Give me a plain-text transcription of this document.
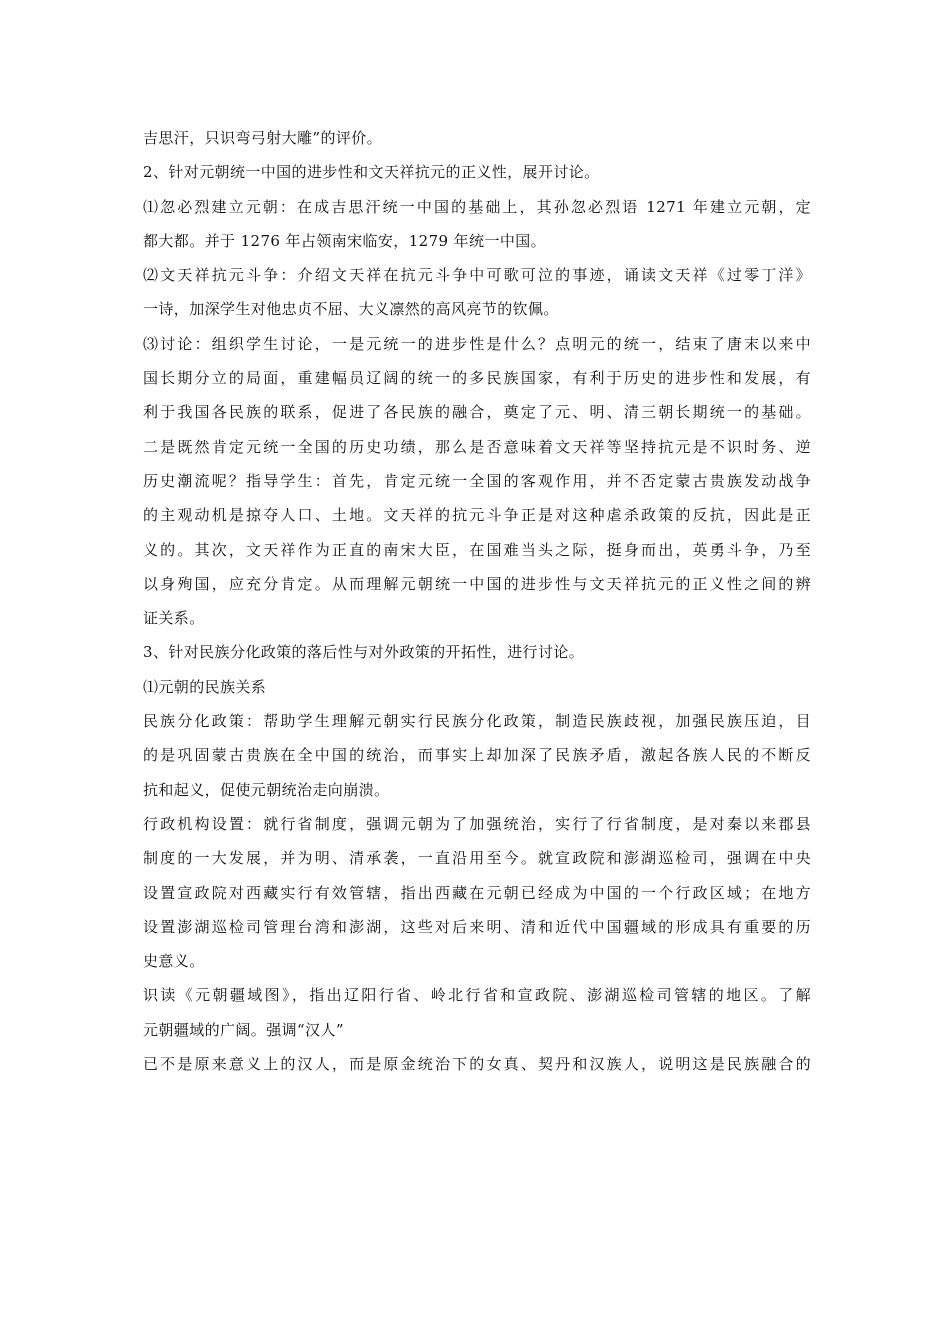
吉思汗，只识弯弓射大雕”的评价。
2、针对元朝统一中国的进步性和文天祥抗元的正义性，展开讨论。
⑴忽必烈建立元朝：在成吉思汗统一中国的基础上，其孙忽必烈语 1271 年建立元朝，定
都大都。并于 1276 年占领南宋临安，1279 年统一中国。
⑵文天祥抗元斗争：介绍文天祥在抗元斗争中可歌可泣的事迹，诵读文天祥《过零丁洋》
一诗，加深学生对他忠贞不屈、大义凛然的高风亮节的钦佩。
⑶讨论：组织学生讨论，一是元统一的进步性是什么？点明元的统一，结束了唐末以来中
国长期分立的局面，重建幅员辽阔的统一的多民族国家，有利于历史的进步性和发展，有
利于我国各民族的联系，促进了各民族的融合，奠定了元、明、清三朝长期统一的基础。
二是既然肯定元统一全国的历史功绩，那么是否意味着文天祥等坚持抗元是不识时务、逆
历史潮流呢？指导学生：首先，肯定元统一全国的客观作用，并不否定蒙古贵族发动战争
的主观动机是掠夺人口、土地。文天祥的抗元斗争正是对这种虐杀政策的反抗，因此是正
义的。其次，文天祥作为正直的南宋大臣，在国难当头之际，挺身而出，英勇斗争，乃至
以身殉国，应充分肯定。从而理解元朝统一中国的进步性与文天祥抗元的正义性之间的辨
证关系。
3、针对民族分化政策的落后性与对外政策的开拓性，进行讨论。
⑴元朝的民族关系
民族分化政策：帮助学生理解元朝实行民族分化政策，制造民族歧视，加强民族压迫，目
的是巩固蒙古贵族在全中国的统治，而事实上却加深了民族矛盾，激起各族人民的不断反
抗和起义，促使元朝统治走向崩溃。
行政机构设置：就行省制度，强调元朝为了加强统治，实行了行省制度，是对秦以来郡县
制度的一大发展，并为明、清承袭，一直沿用至今。就宣政院和澎湖巡检司，强调在中央
设置宣政院对西藏实行有效管辖，指出西藏在元朝已经成为中国的一个行政区域；在地方
设置澎湖巡检司管理台湾和澎湖，这些对后来明、清和近代中国疆域的形成具有重要的历
史意义。
识读《元朝疆域图》，指出辽阳行省、岭北行省和宣政院、澎湖巡检司管辖的地区。了解
元朝疆域的广阔。强调“汉人”
已不是原来意义上的汉人，而是原金统治下的女真、契丹和汉族人，说明这是民族融合的
